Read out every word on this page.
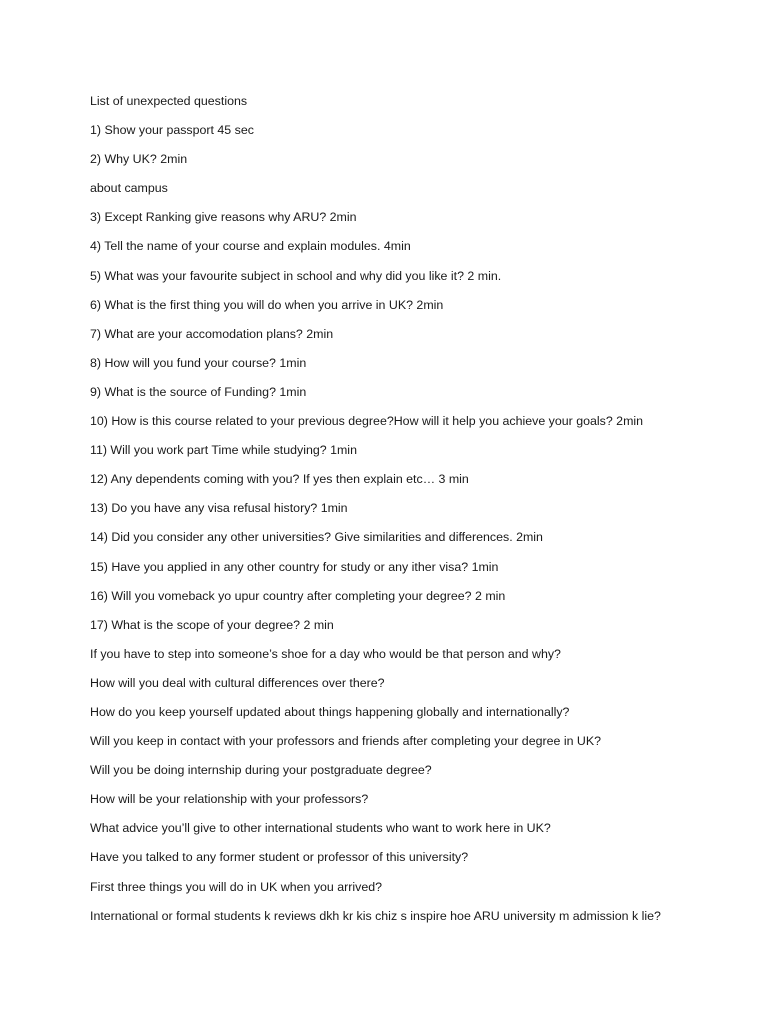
List of unexpected questions
1) Show your passport 45 sec
2) Why UK? 2min
about campus
3) Except Ranking give reasons why ARU? 2min
4) Tell the name of your course and explain modules. 4min
5) What was your favourite subject in school and why did you like it? 2 min.
6) What is the first thing you will do when you arrive in UK? 2min
7) What are your accomodation plans? 2min
8) How will you fund your course? 1min
9) What is the source of Funding? 1min
10) How is this course related to your previous degree?How will it help you achieve your goals? 2min
11) Will you work part Time while studying? 1min
12) Any dependents coming with you? If yes then explain etc… 3 min
13) Do you have any visa refusal history? 1min
14) Did you consider any other universities? Give similarities and differences. 2min
15) Have you applied in any other country for study or any ither visa? 1min
16) Will you vomeback yo upur country after completing your degree? 2 min
17) What is the scope of your degree? 2 min
If you have to step into someone’s shoe for a day who would be that person and why?
How will you deal with cultural differences over there?
How do you keep yourself updated about things happening globally and internationally?
Will you keep in contact with your professors and friends after completing your degree in UK?
Will you be doing internship during your postgraduate degree?
How will be your relationship with your professors?
What advice you’ll give to other international students who want to work here in UK?
Have you talked to any former student or professor of this university?
First three things you will do in UK when you arrived?
International or formal students k reviews dkh kr kis chiz s inspire hoe ARU university m admission k lie?
